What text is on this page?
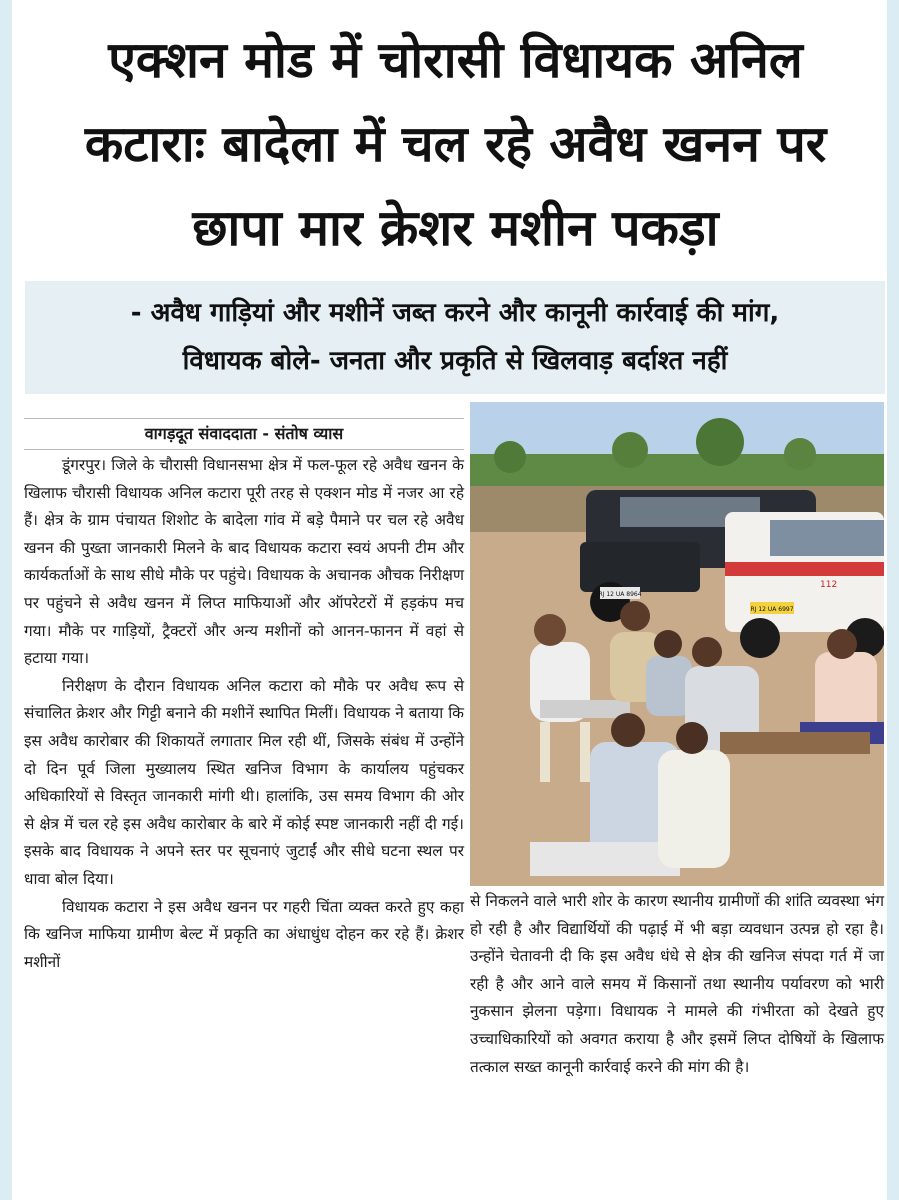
एक्शन मोड में चोरासी विधायक अनिल
कटाराः बादेला में चल रहे अवैध खनन पर
छापा मार क्रेशर मशीन पकड़ा
- अवैध गाड़ियां और मशीनें जब्त करने और कानूनी कार्रवाई की मांग,
विधायक बोले- जनता और प्रकृति से खिलवाड़ बर्दाश्त नहीं
वागड़दूत संवाददाता - संतोष व्यास

डूंगरपुर। जिले के चौरासी विधानसभा क्षेत्र में फल-फूल रहे अवैध खनन के खिलाफ चौरासी विधायक अनिल कटारा पूरी तरह से एक्शन मोड में नजर आ रहे हैं। क्षेत्र के ग्राम पंचायत शिशोट के बादेला गांव में बड़े पैमाने पर चल रहे अवैध खनन की पुख्ता जानकारी मिलने के बाद विधायक कटारा स्वयं अपनी टीम और कार्यकर्ताओं के साथ सीधे मौके पर पहुंचे। विधायक के अचानक औचक निरीक्षण पर पहुंचने से अवैध खनन में लिप्त माफियाओं और ऑपरेटरों में हड़कंप मच गया। मौके पर गाड़ियों, ट्रैक्टरों और अन्य मशीनों को आनन-फानन में वहां से हटाया गया।

निरीक्षण के दौरान विधायक अनिल कटारा को मौके पर अवैध रूप से संचालित क्रेशर और गिट्टी बनाने की मशीनें स्थापित मिलीं। विधायक ने बताया कि इस अवैध कारोबार की शिकायतें लगातार मिल रही थीं, जिसके संबंध में उन्होंने दो दिन पूर्व जिला मुख्यालय स्थित खनिज विभाग के कार्यालय पहुंचकर अधिकारियों से विस्तृत जानकारी मांगी थी। हालांकि, उस समय विभाग की ओर से क्षेत्र में चल रहे इस अवैध कारोबार के बारे में कोई स्पष्ट जानकारी नहीं दी गई। इसके बाद विधायक ने अपने स्तर पर सूचनाएं जुटाईं और सीधे घटना स्थल पर धावा बोल दिया।

विधायक कटारा ने इस अवैध खनन पर गहरी चिंता व्यक्त करते हुए कहा कि खनिज माफिया ग्रामीण बेल्ट में प्रकृति का अंधाधुंध दोहन कर रहे हैं। क्रेशर मशीनों

RJ 12 UA 8964
RJ 12 UA 6997
112

से निकलने वाले भारी शोर के कारण स्थानीय ग्रामीणों की शांति व्यवस्था भंग हो रही है और विद्यार्थियों की पढ़ाई में भी बड़ा व्यवधान उत्पन्न हो रहा है। उन्होंने चेतावनी दी कि इस अवैध धंधे से क्षेत्र की खनिज संपदा गर्त में जा रही है और आने वाले समय में किसानों तथा स्थानीय पर्यावरण को भारी नुकसान झेलना पड़ेगा। विधायक ने मामले की गंभीरता को देखते हुए उच्चाधिकारियों को अवगत कराया है और इसमें लिप्त दोषियों के खिलाफ तत्काल सख्त कानूनी कार्रवाई करने की मांग की है।
